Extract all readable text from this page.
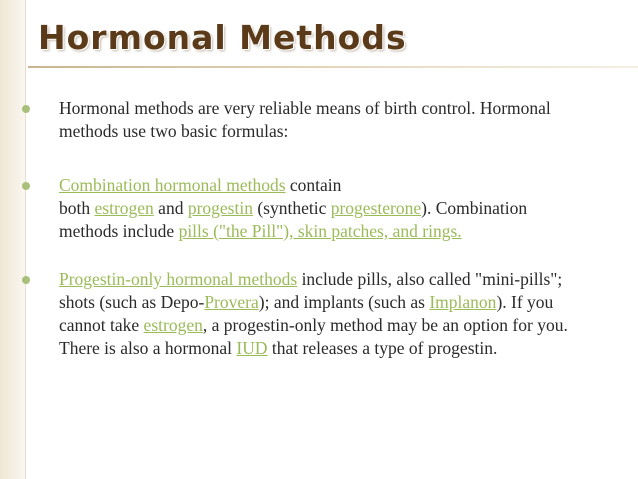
Hormonal Methods
Hormonal methods are very reliable means of birth control. Hormonal
methods use two basic formulas:
Combination hormonal methods contain
both estrogen and progestin (synthetic progesterone). Combination
methods include pills ("the Pill"), skin patches, and rings.
Progestin-only hormonal methods include pills, also called "mini-pills";
shots (such as Depo-Provera); and implants (such as Implanon). If you
cannot take estrogen, a progestin-only method may be an option for you.
There is also a hormonal IUD that releases a type of progestin.
